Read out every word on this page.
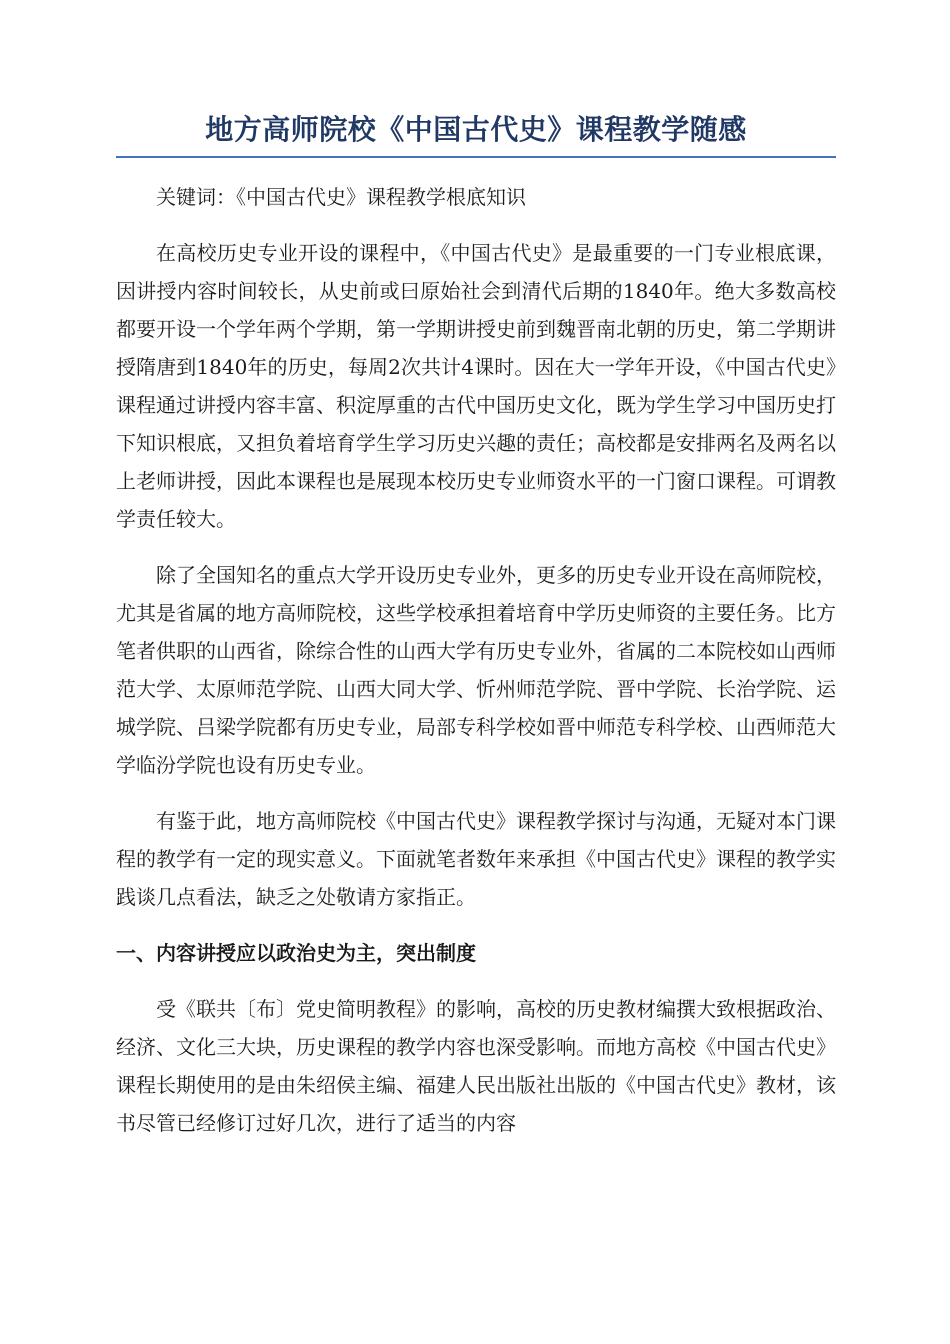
地方高师院校《中国古代史》课程教学随感

关键词：《中国古代史》课程教学根底知识

在高校历史专业开设的课程中，《中国古代史》是最重要的一门专业根底课，因讲授内容时间较长，从史前或曰原始社会到清代后期的1840年。绝大多数高校都要开设一个学年两个学期，第一学期讲授史前到魏晋南北朝的历史，第二学期讲授隋唐到1840年的历史，每周2次共计4课时。因在大一学年开设，《中国古代史》课程通过讲授内容丰富、积淀厚重的古代中国历史文化，既为学生学习中国历史打下知识根底，又担负着培育学生学习历史兴趣的责任；高校都是安排两名及两名以上老师讲授，因此本课程也是展现本校历史专业师资水平的一门窗口课程。可谓教学责任较大。

除了全国知名的重点大学开设历史专业外，更多的历史专业开设在高师院校，尤其是省属的地方高师院校，这些学校承担着培育中学历史师资的主要任务。比方笔者供职的山西省，除综合性的山西大学有历史专业外，省属的二本院校如山西师范大学、太原师范学院、山西大同大学、忻州师范学院、晋中学院、长治学院、运城学院、吕梁学院都有历史专业，局部专科学校如晋中师范专科学校、山西师范大学临汾学院也设有历史专业。

有鉴于此，地方高师院校《中国古代史》课程教学探讨与沟通，无疑对本门课程的教学有一定的现实意义。下面就笔者数年来承担《中国古代史》课程的教学实践谈几点看法，缺乏之处敬请方家指正。

一、内容讲授应以政治史为主，突出制度

受《联共〔布〕党史简明教程》的影响，高校的历史教材编撰大致根据政治、经济、文化三大块，历史课程的教学内容也深受影响。而地方高校《中国古代史》课程长期使用的是由朱绍侯主编、福建人民出版社出版的《中国古代史》教材，该书尽管已经修订过好几次，进行了适当的内容
